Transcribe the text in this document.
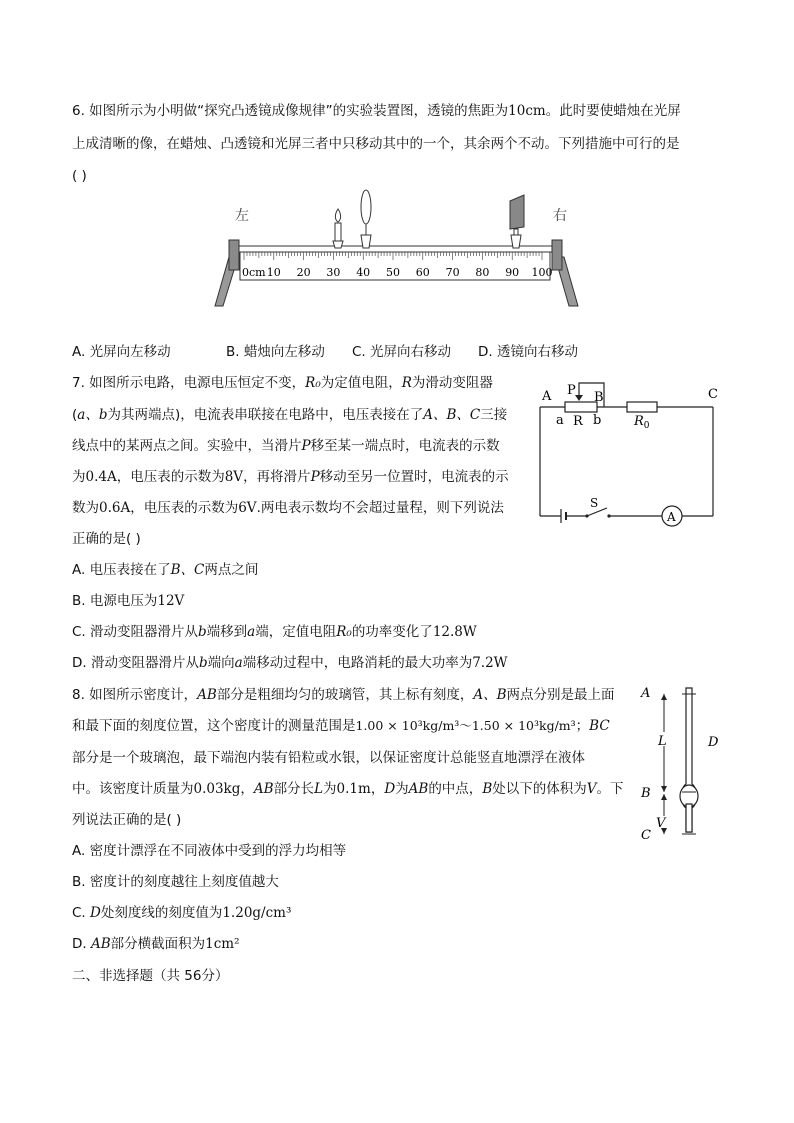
6. 如图所示为小明做“探究凸透镜成像规律”的实验装置图，透镜的焦距为10cm。此时要使蜡烛在光屏
上成清晰的像，在蜡烛、凸透镜和光屏三者中只移动其中的一个，其余两个不动。下列措施中可行的是
( )
左	右
0cm 10 20 30 40 50 60 70 80 90 100
A. 光屏向左移动	B. 蜡烛向左移动 C. 光屏向右移动 D. 透镜向右移动
7. 如图所示电路，电源电压恒定不变，R₀为定值电阻，R为滑动变阻器
(a、b为其两端点)，电流表串联接在电路中，电压表接在了A、B、C三接
线点中的某两点之间。实验中，当滑片P移至某一端点时，电流表的示数
为0.4A，电压表的示数为8V，再将滑片P移动至另一位置时，电流表的示
数为0.6A，电压表的示数为6V.两电表示数均不会超过量程，则下列说法
正确的是( )
A. 电压表接在了B、C两点之间
B. 电源电压为12V
C. 滑动变阻器滑片从b端移到a端，定值电阻R₀的功率变化了12.8W
D. 滑动变阻器滑片从b端向a端移动过程中，电路消耗的最大功率为7.2W
A P B	C
a R b	$R_0$
S
A
8. 如图所示密度计，AB部分是粗细均匀的玻璃管，其上标有刻度，A、B两点分别是最上面
和最下面的刻度位置，这个密度计的测量范围是1.00 × 10³kg/m³～1.50 × 10³kg/m³；BC
部分是一个玻璃泡，最下端泡内装有铅粒或水银，以保证密度计总能竖直地漂浮在液体
中。该密度计质量为0.03kg，AB部分长L为0.1m，D为AB的中点，B处以下的体积为V。下
列说法正确的是( )
A. 密度计漂浮在不同液体中受到的浮力均相等
B. 密度计的刻度越往上刻度值越大
C. D处刻度线的刻度值为1.20g/cm³
D. AB部分横截面积为1cm²
A
L	D
B
V
C
二、非选择题（共 56分）
